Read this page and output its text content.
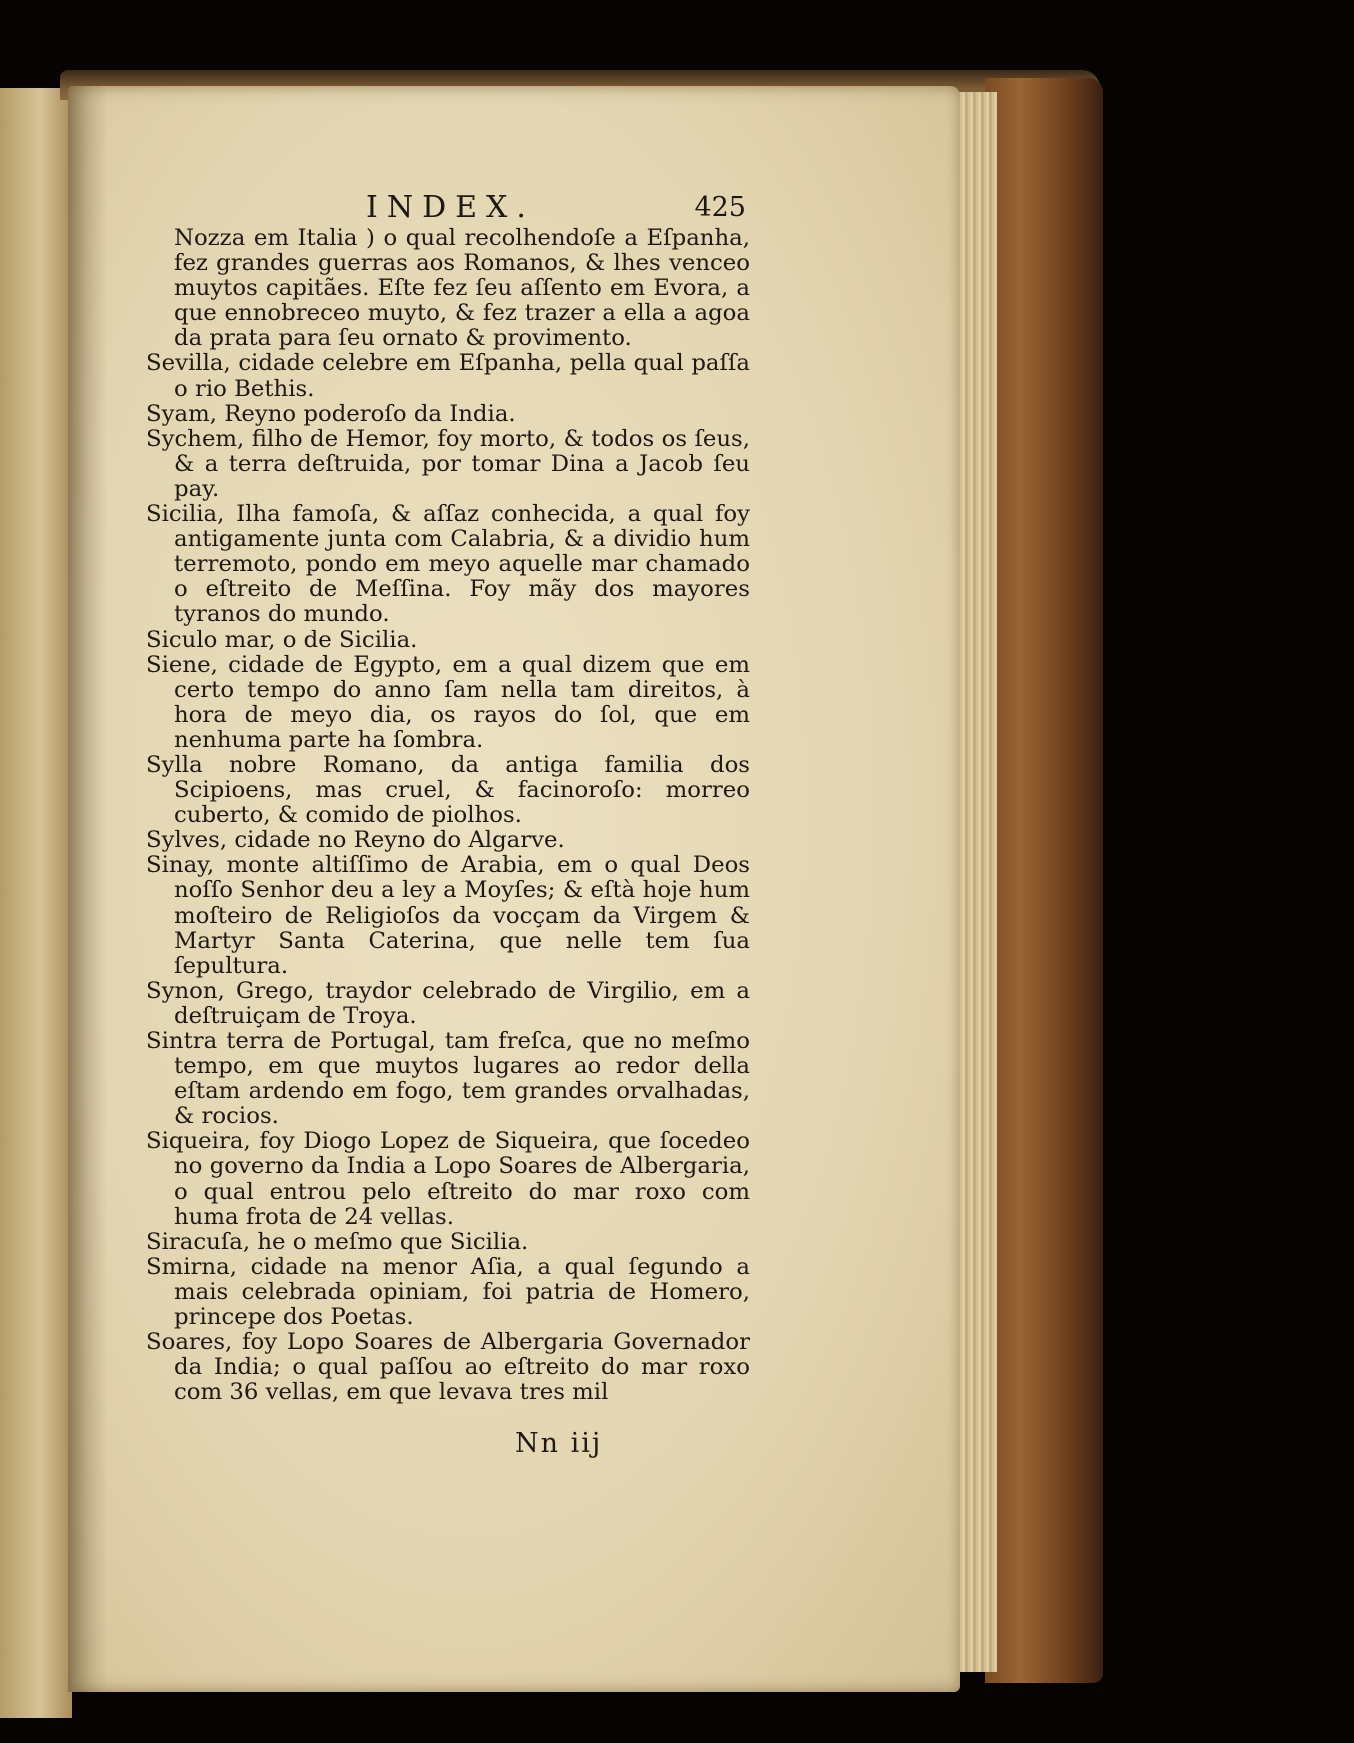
INDEX.	425

Nozza em Italia ) o qual recolhendoſe a Eſpanha, fez grandes guerras aos Romanos, & lhes venceo muytos capitães. Eſte fez ſeu aſſento em Evora, a que ennobreceo muyto, & fez trazer a ella a agoa da prata para ſeu ornato & provimento.

Sevilla, cidade celebre em Eſpanha, pella qual paſſa o rio Bethis.

Syam, Reyno poderoſo da India.

Sychem, filho de Hemor, foy morto, & todos os ſeus, & a terra deſtruida, por tomar Dina a Jacob ſeu pay.

Sicilia, Ilha famoſa, & aſſaz conhecida, a qual foy antigamente junta com Calabria, & a dividio hum terremoto, pondo em meyo aquelle mar chamado o eſtreito de Meſſina. Foy mãy dos mayores tyranos do mundo.

Siculo mar, o de Sicilia.

Siene, cidade de Egypto, em a qual dizem que em certo tempo do anno ſam nella tam direitos, à hora de meyo dia, os rayos do ſol, que em nenhuma parte ha ſombra.

Sylla nobre Romano, da antiga familia dos Scipioens, mas cruel, & facinoroſo: morreo cuberto, & comido de piolhos.

Sylves, cidade no Reyno do Algarve.

Sinay, monte altiſſimo de Arabia, em o qual Deos noſſo Senhor deu a ley a Moyſes; & eſtà hoje hum moſteiro de Religioſos da vocçam da Virgem & Martyr Santa Caterina, que nelle tem ſua ſepultura.

Synon, Grego, traydor celebrado de Virgilio, em a deſtruiçam de Troya.

Sintra terra de Portugal, tam freſca, que no meſmo tempo, em que muytos lugares ao redor della eſtam ardendo em fogo, tem grandes orvalhadas, & rocios.

Siqueira, foy Diogo Lopez de Siqueira, que ſocedeo no governo da India a Lopo Soares de Albergaria, o qual entrou pelo eſtreito do mar roxo com huma frota de 24 vellas.

Siracuſa, he o meſmo que Sicilia.

Smirna, cidade na menor Aſia, a qual ſegundo a mais celebrada opiniam, foi patria de Homero, princepe dos Poetas.

Soares, foy Lopo Soares de Albergaria Governador da India; o qual paſſou ao eſtreito do mar roxo com 36 vellas, em que levava tres mil

Nn iij
